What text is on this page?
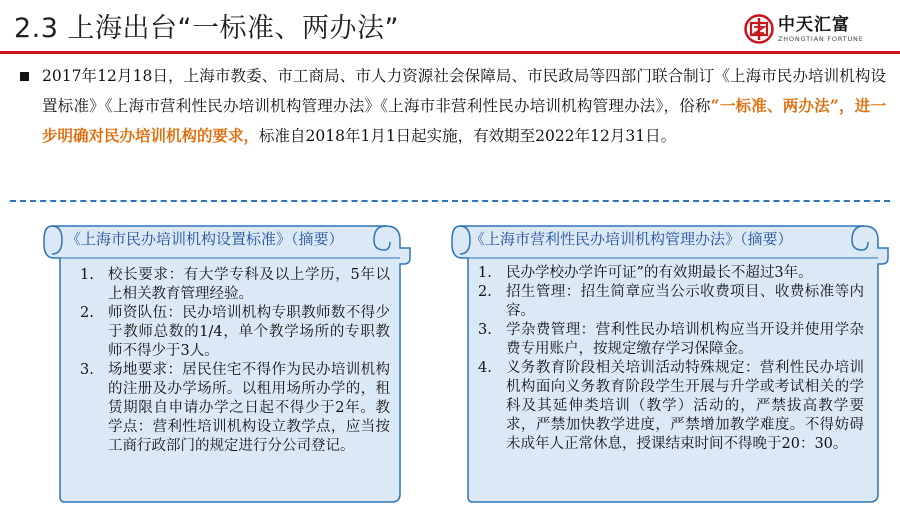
2.3 上海出台“一标准、两办法”	中天汇富
ZHONGTIAN FORTUNE
2017年12月18日，上海市教委、市工商局、市人力资源社会保障局、市民政局等四部门联合制订《上海市民办培训机构设置标准》《上海市营利性民办培训机构管理办法》《上海市非营利性民办培训机构管理办法》，俗称“一标准、两办法”，进一步明确对民办培训机构的要求，标准自2018年1月1日起实施，有效期至2022年12月31日。
《上海市民办培训机构设置标准》（摘要）
1. 校长要求：有大学专科及以上学历，5年以上相关教育管理经验。
2. 师资队伍：民办培训机构专职教师数不得少于教师总数的1/4，单个教学场所的专职教师不得少于3人。
3. 场地要求：居民住宅不得作为民办培训机构的注册及办学场所。以租用场所办学的，租赁期限自申请办学之日起不得少于2年。教学点：营利性培训机构设立教学点，应当按工商行政部门的规定进行分公司登记。
《上海市营利性民办培训机构管理办法》（摘要）
1. 民办学校办学许可证”的有效期最长不超过3年。
2. 招生管理：招生简章应当公示收费项目、收费标准等内容。
3. 学杂费管理：营利性民办培训机构应当开设并使用学杂费专用账户，按规定缴存学习保障金。
4. 义务教育阶段相关培训活动特殊规定：营利性民办培训机构面向义务教育阶段学生开展与升学或考试相关的学科及其延伸类培训（教学）活动的，严禁拔高教学要求，严禁加快教学进度，严禁增加教学难度。不得妨碍未成年人正常休息，授课结束时间不得晚于20：30。
